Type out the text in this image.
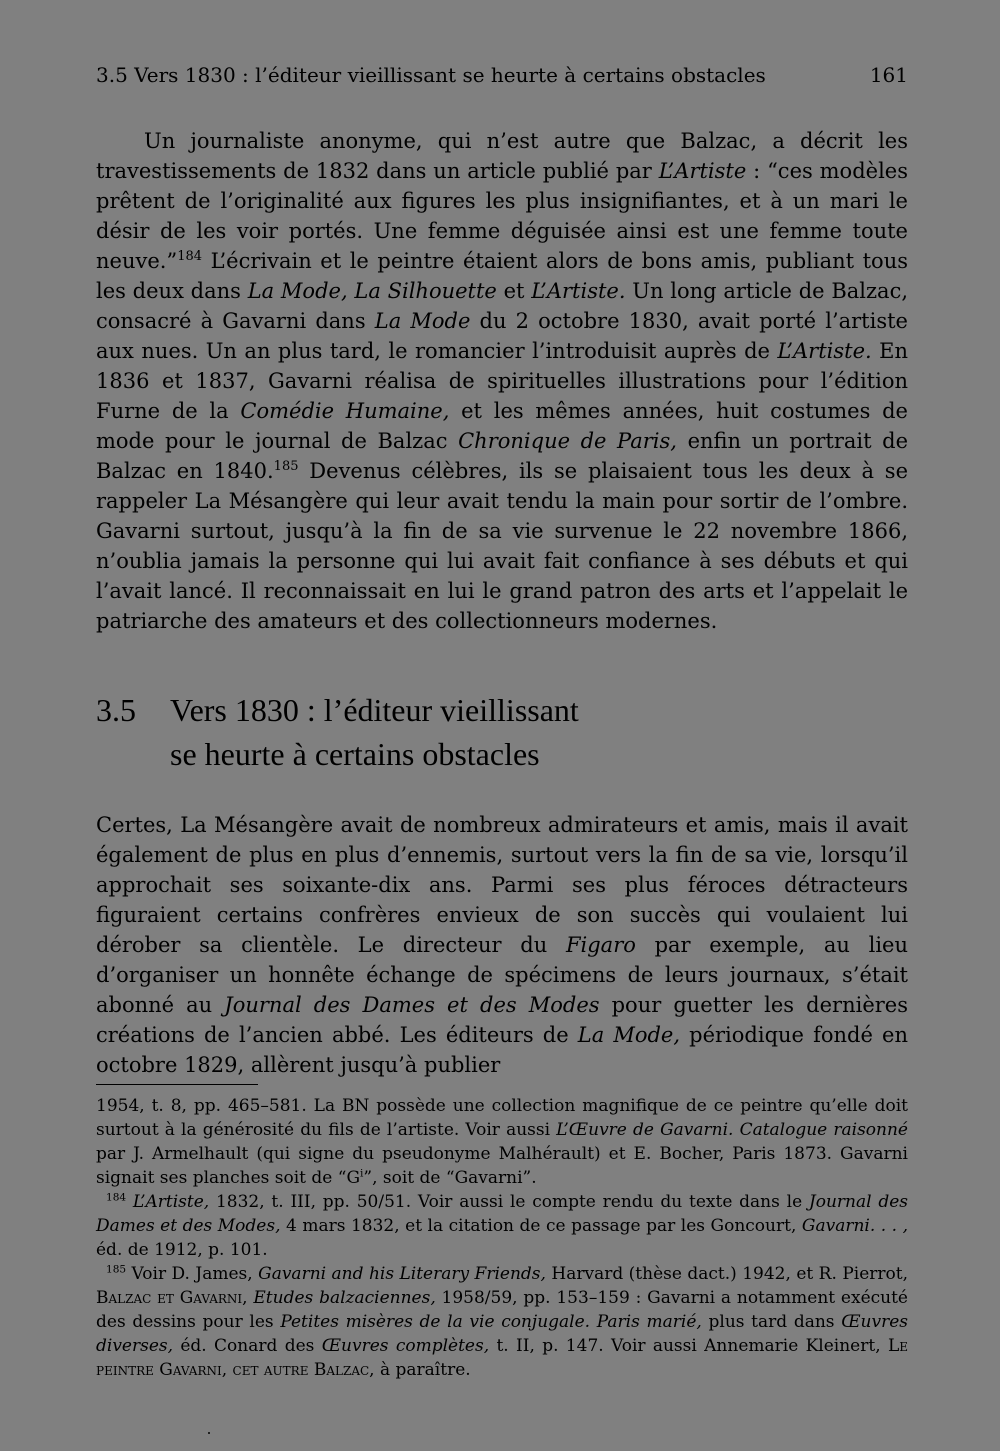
3.5 Vers 1830 : l’éditeur vieillissant se heurte à certains obstacles	161

Un journaliste anonyme, qui n’est autre que Balzac, a décrit les travestissements de 1832 dans un article publié par L’Artiste : “ces modèles prêtent de l’originalité aux figures les plus insignifiantes, et à un mari le désir de les voir portés. Une femme déguisée ainsi est une femme toute neuve.”$^{184}$ L’écrivain et le peintre étaient alors de bons amis, publiant tous les deux dans La Mode, La Silhouette et L’Artiste. Un long article de Balzac, consacré à Gavarni dans La Mode du 2 octobre 1830, avait porté l’artiste aux nues. Un an plus tard, le romancier l’introduisit auprès de L’Artiste. En 1836 et 1837, Gavarni réalisa de spirituelles illustrations pour l’édition Furne de la Comédie Humaine, et les mêmes années, huit costumes de mode pour le journal de Balzac Chronique de Paris, enfin un portrait de Balzac en 1840.$^{185}$ Devenus célèbres, ils se plaisaient tous les deux à se rappeler La Mésangère qui leur avait tendu la main pour sortir de l’ombre. Gavarni surtout, jusqu’à la fin de sa vie survenue le 22 novembre 1866, n’oublia jamais la personne qui lui avait fait confiance à ses débuts et qui l’avait lancé. Il reconnaissait en lui le grand patron des arts et l’appelait le patriarche des amateurs et des collectionneurs modernes.

3.5 Vers 1830 : l’éditeur vieillissant
se heurte à certains obstacles

Certes, La Mésangère avait de nombreux admirateurs et amis, mais il avait également de plus en plus d’ennemis, surtout vers la fin de sa vie, lorsqu’il approchait ses soixante-dix ans. Parmi ses plus féroces détracteurs figuraient certains confrères envieux de son succès qui voulaient lui dérober sa clientèle. Le directeur du Figaro par exemple, au lieu d’organiser un honnête échange de spécimens de leurs journaux, s’était abonné au Journal des Dames et des Modes pour guetter les dernières créations de l’ancien abbé. Les éditeurs de La Mode, périodique fondé en octobre 1829, allèrent jusqu’à publier

1954, t. 8, pp. 465–581. La BN possède une collection magnifique de ce peintre qu’elle doit surtout à la générosité du fils de l’artiste. Voir aussi L’Œuvre de Gavarni. Catalogue raisonné par J. Armelhault (qui signe du pseudonyme Malhérault) et E. Bocher, Paris 1873. Gavarni signait ses planches soit de “$G^i$”, soit de “Gavarni”.

$^{184}$ L’Artiste, 1832, t. III, pp. 50/51. Voir aussi le compte rendu du texte dans le Journal des Dames et des Modes, 4 mars 1832, et la citation de ce passage par les Goncourt, Gavarni. . . , éd. de 1912, p. 101.

$^{185}$ Voir D. James, Gavarni and his Literary Friends, Harvard (thèse dact.) 1942, et R. Pierrot, Balzac et Gavarni, Etudes balzaciennes, 1958/59, pp. 153–159 : Gavarni a notamment exécuté des dessins pour les Petites misères de la vie conjugale. Paris marié, plus tard dans Œuvres diverses, éd. Conard des Œuvres complètes, t. II, p. 147. Voir aussi Annemarie Kleinert, Le peintre Gavarni, cet autre Balzac, à paraître.
